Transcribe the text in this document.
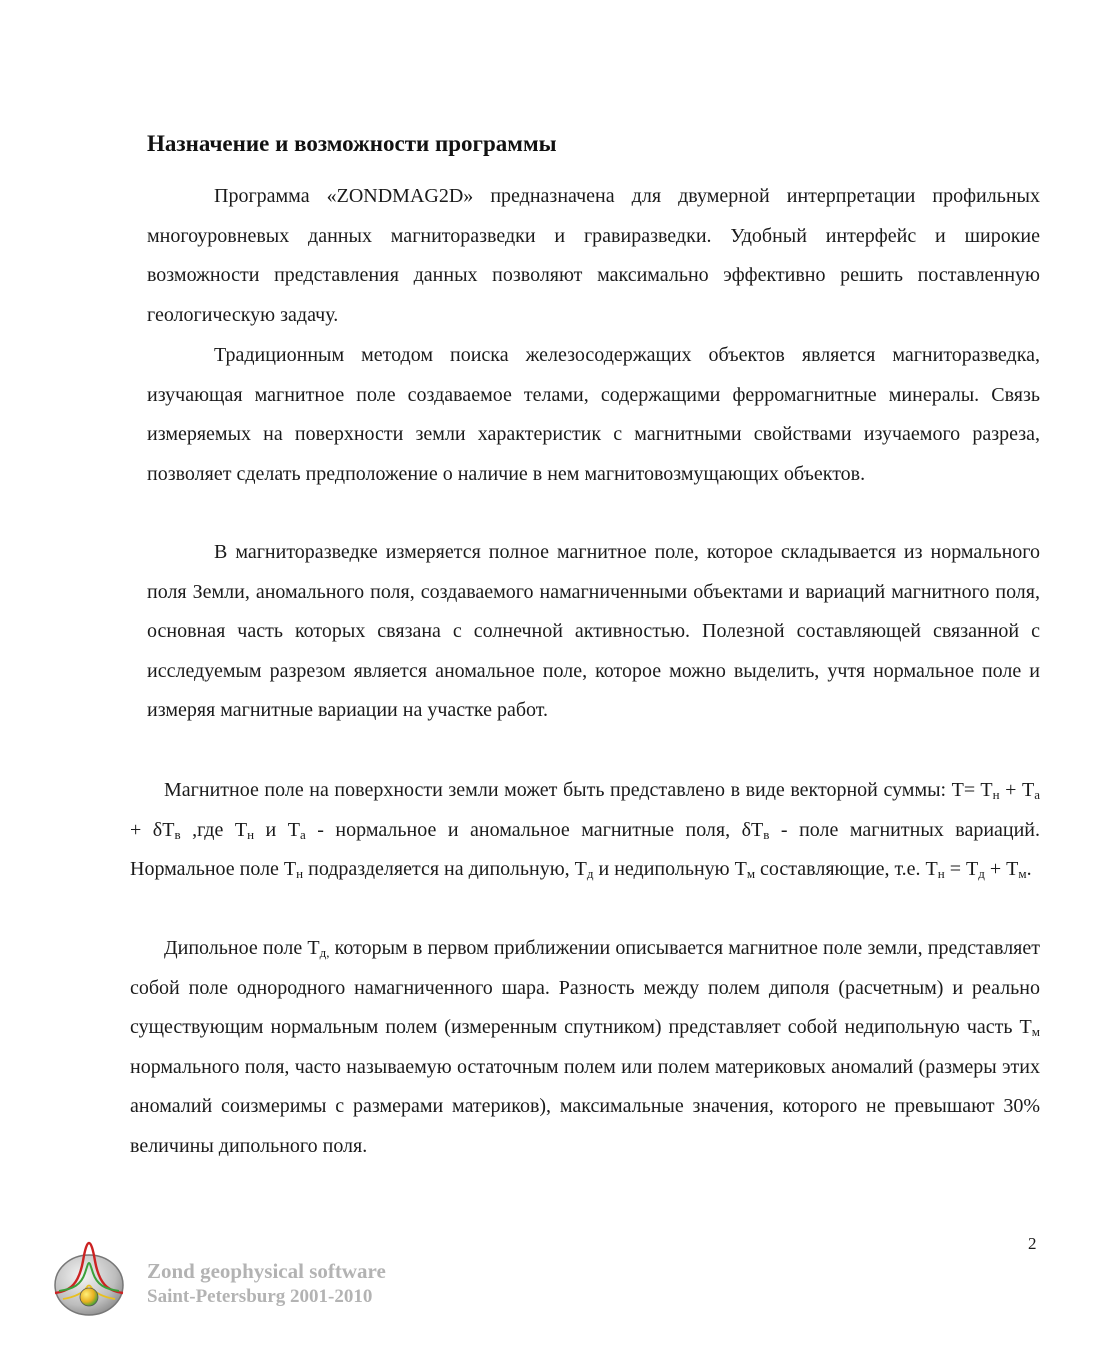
Назначение и возможности программы

Программа «ZONDMAG2D» предназначена для двумерной интерпретации профильных многоуровневых данных магниторазведки и гравиразведки. Удобный интерфейс и широкие возможности представления данных позволяют максимально эффективно решить поставленную геологическую задачу.

Традиционным методом поиска железосодержащих объектов является магниторазведка, изучающая магнитное поле создаваемое телами, содержащими ферромагнитные минералы. Связь измеряемых на поверхности земли характеристик с магнитными свойствами изучаемого разреза, позволяет сделать предположение о наличие в нем магнитовозмущающих объектов.

В магниторазведке измеряется полное магнитное поле, которое складывается из нормального поля Земли, аномального поля, создаваемого намагниченными объектами и вариаций магнитного поля, основная часть которых связана с солнечной активностью. Полезной составляющей связанной с исследуемым разрезом является аномальное поле, которое можно выделить, учтя нормальное поле и измеряя магнитные вариации на участке работ.

Магнитное поле на поверхности земли может быть представлено в виде векторной суммы: $T= T_н + T_а + \delta T_в$ ,где $T_н$ и $T_а$ - нормальное и аномальное магнитные поля, $\delta T_в$ - поле магнитных вариаций. Нормальное поле $T_н$ подразделяется на дипольную, $T_д$ и недипольную $T_м$ составляющие, т.е. $T_н = T_д + T_м$.

Дипольное поле $T_{д,}$ которым в первом приближении описывается магнитное поле земли, представляет собой поле однородного намагниченного шара. Разность между полем диполя (расчетным) и реально существующим нормальным полем (измеренным спутником) представляет собой недипольную часть $T_м$ нормального поля, часто называемую остаточным полем или полем материковых аномалий (размеры этих аномалий соизмеримы с размерами материков), максимальные значения, которого не превышают 30% величины дипольного поля.

2
Zond geophysical software
Saint-Petersburg 2001-2010
